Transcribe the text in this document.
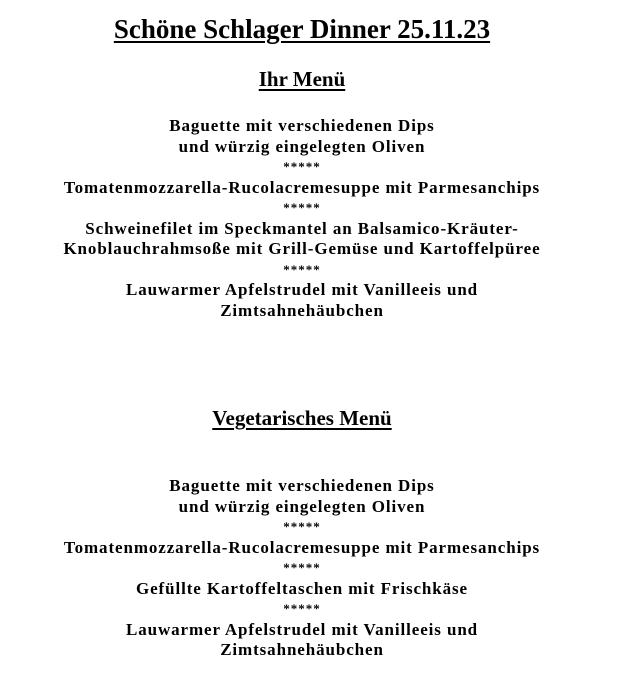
Schöne Schlager Dinner 25.11.23
Ihr Menü
Baguette mit verschiedenen Dips
und würzig eingelegten Oliven
*****
Tomatenmozzarella-Rucolacremesuppe mit Parmesanchips
*****
Schweinefilet im Speckmantel an Balsamico-Kräuter-
Knoblauchrahmsoße mit Grill-Gemüse und Kartoffelpüree
*****
Lauwarmer Apfelstrudel mit Vanilleeis und
Zimtsahnehäubchen
Vegetarisches Menü
Baguette mit verschiedenen Dips
und würzig eingelegten Oliven
*****
Tomatenmozzarella-Rucolacremesuppe mit Parmesanchips
*****
Gefüllte Kartoffeltaschen mit Frischkäse
*****
Lauwarmer Apfelstrudel mit Vanilleeis und
Zimtsahnehäubchen
